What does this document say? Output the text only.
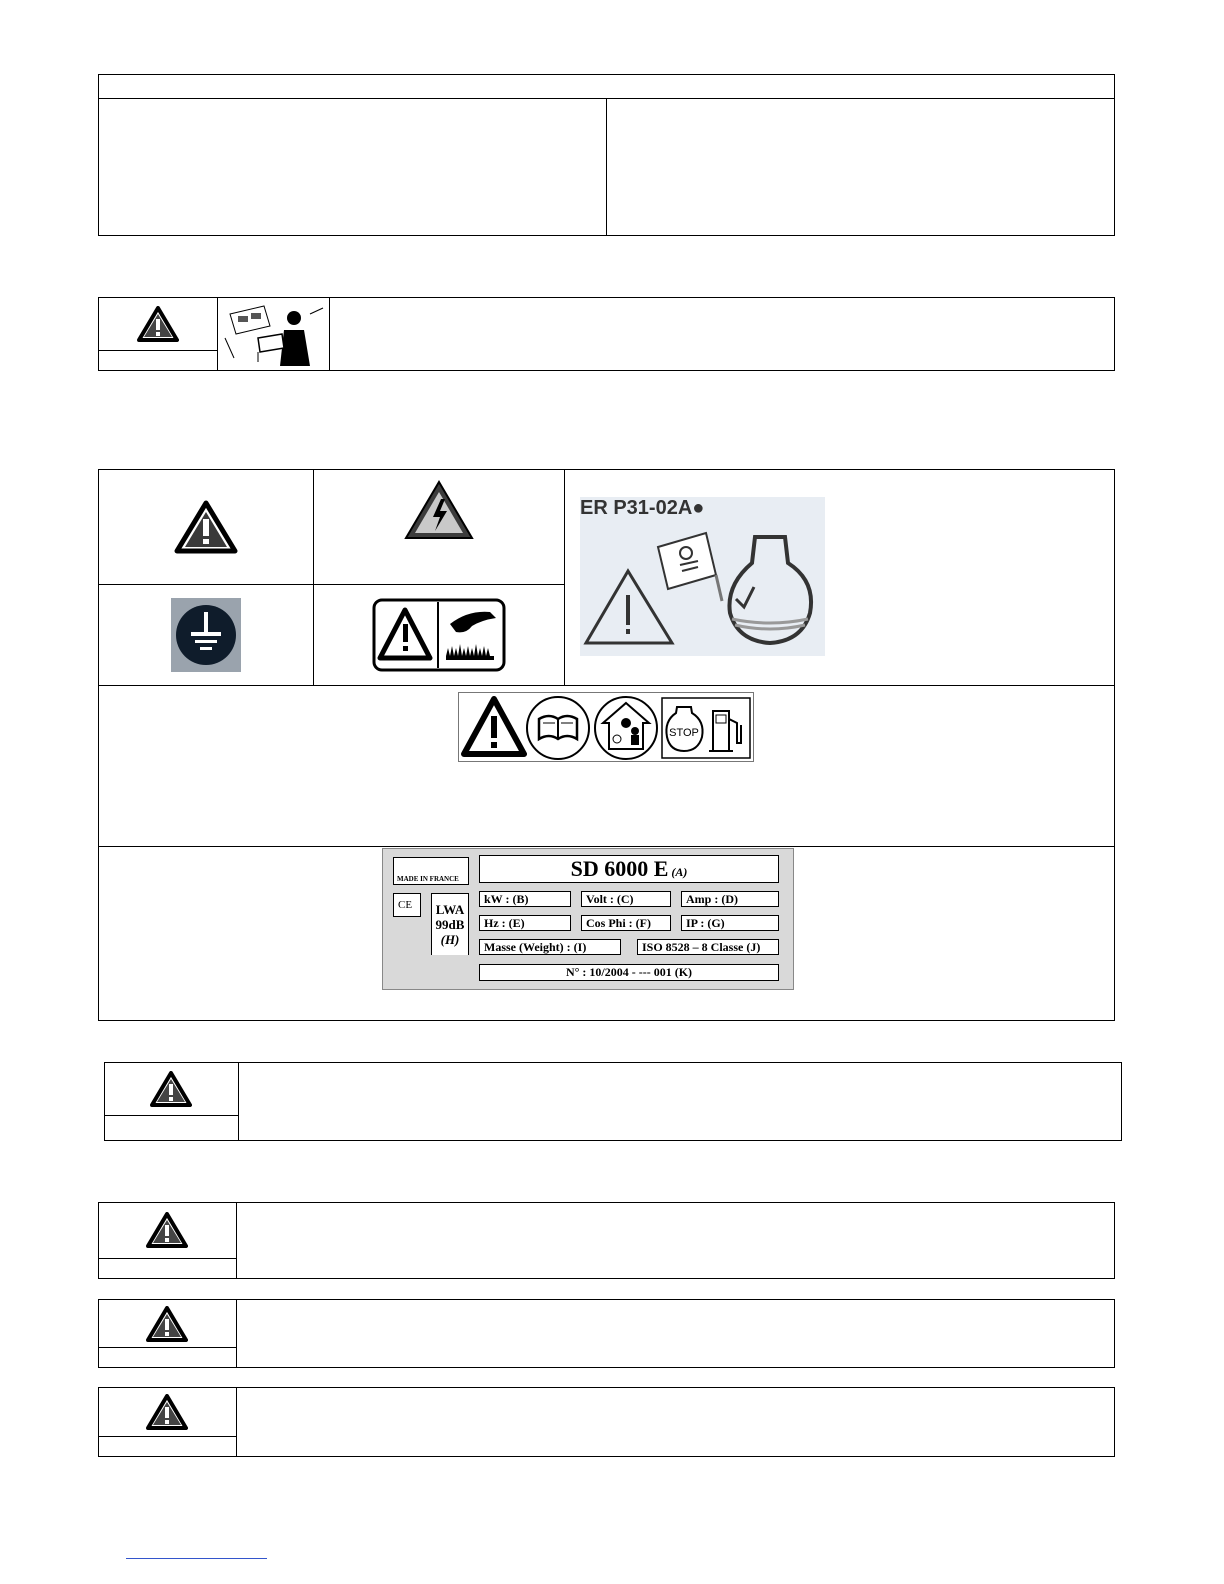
ER P31-02A●
STOP
MADE IN FRANCE
CE	LWA
99dB
(H)
SD 6000 E (A)
kW : (B)	Volt : (C)	Amp : (D)
Hz : (E)	Cos Phi : (F)	IP : (G)
Masse (Weight) : (I)	ISO 8528 – 8 Classe (J)
N° : 10/2004 - --- 001 (K)
